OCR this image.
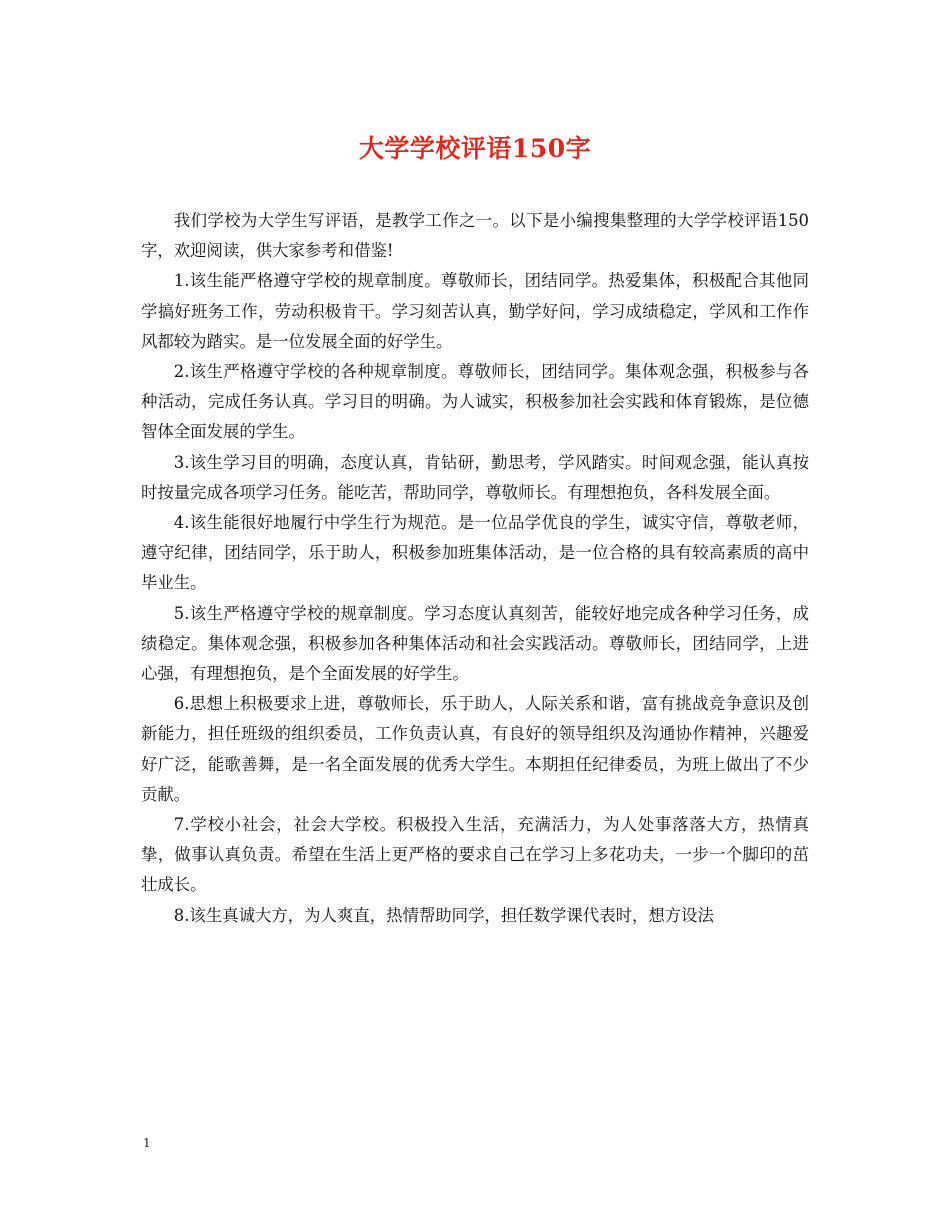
大学学校评语150字

我们学校为大学生写评语，是教学工作之一。以下是小编搜集整理的大学学校评语150字，欢迎阅读，供大家参考和借鉴!

1.该生能严格遵守学校的规章制度。尊敬师长，团结同学。热爱集体，积极配合其他同学搞好班务工作，劳动积极肯干。学习刻苦认真，勤学好问，学习成绩稳定，学风和工作作风都较为踏实。是一位发展全面的好学生。

2.该生严格遵守学校的各种规章制度。尊敬师长，团结同学。集体观念强，积极参与各种活动，完成任务认真。学习目的明确。为人诚实，积极参加社会实践和体育锻炼，是位德智体全面发展的学生。

3.该生学习目的明确，态度认真，肯钻研，勤思考，学风踏实。时间观念强，能认真按时按量完成各项学习任务。能吃苦，帮助同学，尊敬师长。有理想抱负，各科发展全面。

4.该生能很好地履行中学生行为规范。是一位品学优良的学生，诚实守信，尊敬老师，遵守纪律，团结同学，乐于助人，积极参加班集体活动，是一位合格的具有较高素质的高中毕业生。

5.该生严格遵守学校的规章制度。学习态度认真刻苦，能较好地完成各种学习任务，成绩稳定。集体观念强，积极参加各种集体活动和社会实践活动。尊敬师长，团结同学，上进心强，有理想抱负，是个全面发展的好学生。

6.思想上积极要求上进，尊敬师长，乐于助人，人际关系和谐，富有挑战竞争意识及创新能力，担任班级的组织委员，工作负责认真，有良好的领导组织及沟通协作精神，兴趣爱好广泛，能歌善舞，是一名全面发展的优秀大学生。本期担任纪律委员，为班上做出了不少贡献。

7.学校小社会，社会大学校。积极投入生活，充满活力，为人处事落落大方，热情真挚，做事认真负责。希望在生活上更严格的要求自己在学习上多花功夫，一步一个脚印的茁壮成长。

8.该生真诚大方，为人爽直，热情帮助同学，担任数学课代表时，想方设法

1
